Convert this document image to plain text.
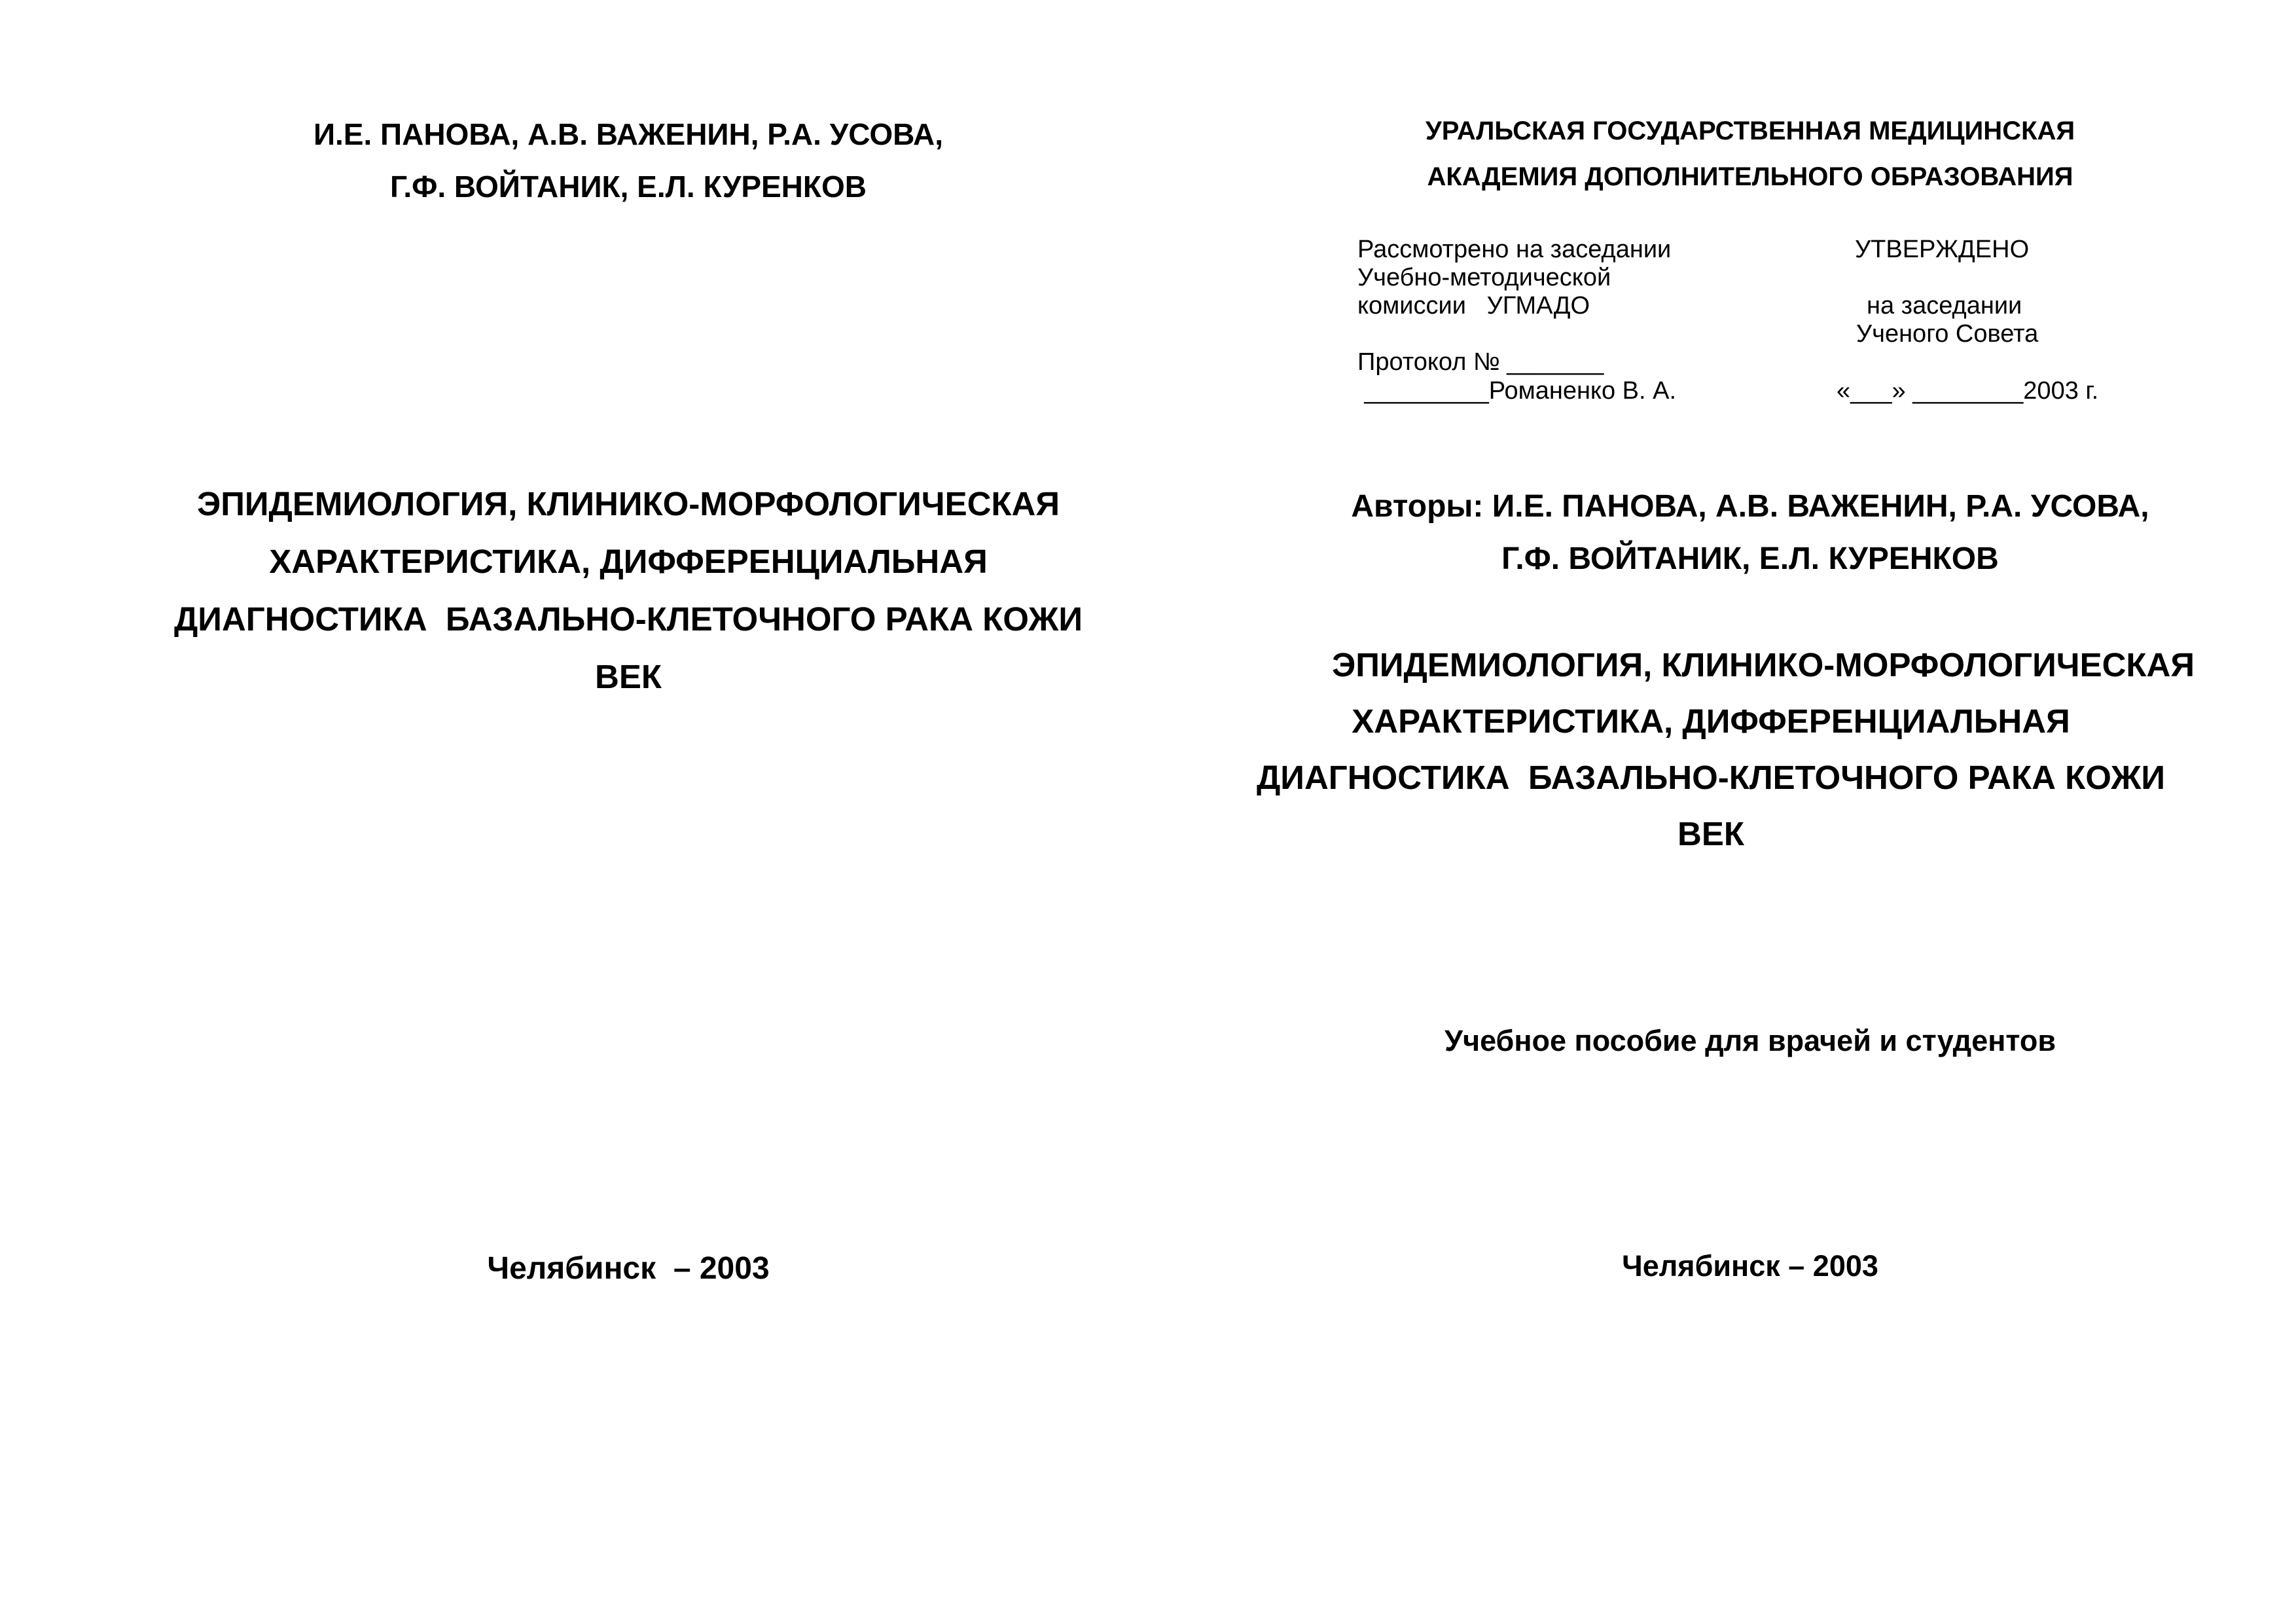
И.Е. ПАНОВА, А.В. ВАЖЕНИН, Р.А. УСОВА,
Г.Ф. ВОЙТАНИК, Е.Л. КУРЕНКОВ
ЭПИДЕМИОЛОГИЯ, КЛИНИКО-МОРФОЛОГИЧЕСКАЯ
ХАРАКТЕРИСТИКА, ДИФФЕРЕНЦИАЛЬНАЯ
ДИАГНОСТИКА  БАЗАЛЬНО-КЛЕТОЧНОГО РАКА КОЖИ
ВЕК
Челябинск  – 2003
УРАЛЬСКАЯ ГОСУДАРСТВЕННАЯ МЕДИЦИНСКАЯ
АКАДЕМИЯ ДОПОЛНИТЕЛЬНОГО ОБРАЗОВАНИЯ
Рассмотрено на заседании
Учебно-методической
комиссии   УГМАДО
Протокол № _______
_________Романенко В. А.
УТВЕРЖДЕНО
на заседании
Ученого Совета
«___» ________2003 г.
Авторы: И.Е. ПАНОВА, А.В. ВАЖЕНИН, Р.А. УСОВА,
Г.Ф. ВОЙТАНИК, Е.Л. КУРЕНКОВ
ЭПИДЕМИОЛОГИЯ, КЛИНИКО-МОРФОЛОГИЧЕСКАЯ
ХАРАКТЕРИСТИКА, ДИФФЕРЕНЦИАЛЬНАЯ
ДИАГНОСТИКА  БАЗАЛЬНО-КЛЕТОЧНОГО РАКА КОЖИ
ВЕК
Учебное пособие для врачей и студентов
Челябинск – 2003
